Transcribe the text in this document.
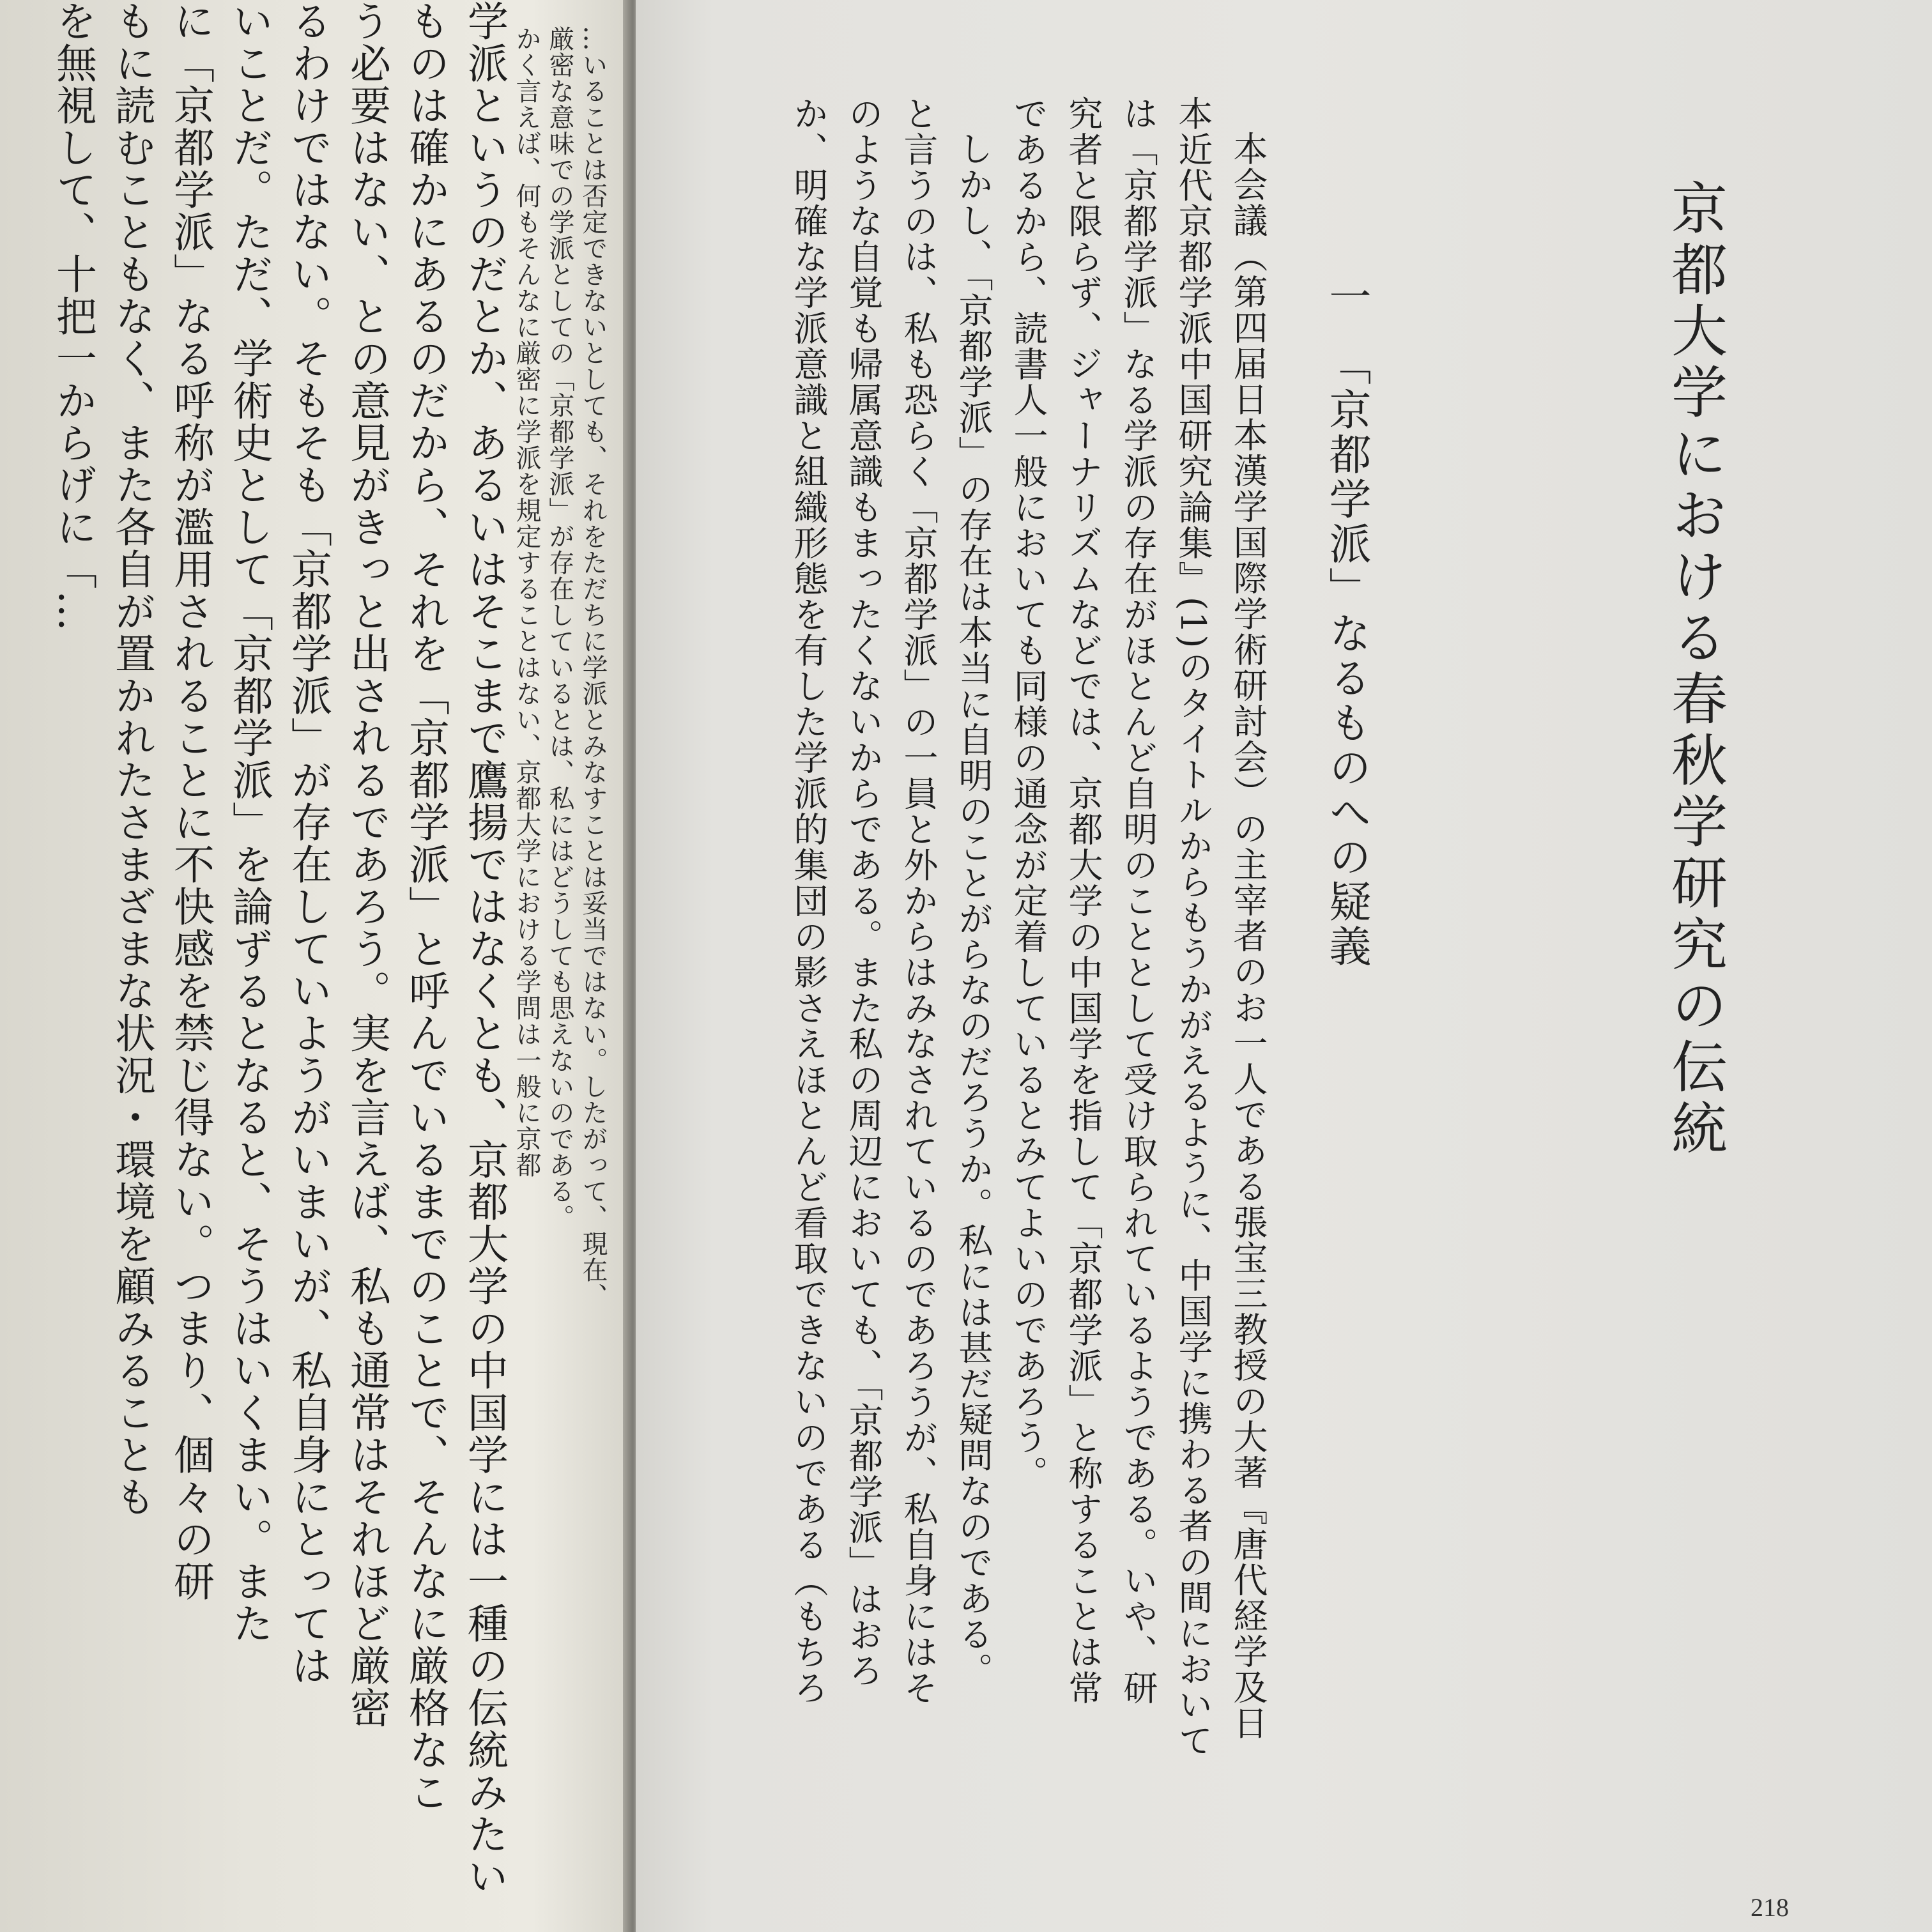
…いることは否定できないとしても、それをただちに学派とみなすことは妥当ではない。したがって、現在、
厳密な意味での学派としての「京都学派」が存在しているとは、私にはどうしても思えないのである。
かく言えば、何もそんなに厳密に学派を規定することはない、京都大学における学問は一般に京都
学派というのだとか、あるいはそこまで鷹揚ではなくとも、京都大学の中国学には一種の伝統みたい
ものは確かにあるのだから、それを「京都学派」と呼んでいるまでのことで、そんなに厳格なこ
う必要はない、との意見がきっと出されるであろう。実を言えば、私も通常はそれほど厳密
るわけではない。そもそも「京都学派」が存在していようがいまいが、私自身にとっては
いことだ。ただ、学術史として「京都学派」を論ずるとなると、そうはいくまい。また
に「京都学派」なる呼称が濫用されることに不快感を禁じ得ない。つまり、個々の研
もに読むこともなく、また各自が置かれたさまざまな状況・環境を顧みることも
を無視して、十把一からげに「…	京都大学における春秋学研究の伝統
一　「京都学派」なるものへの疑義
本会議（第四届日本漢学国際学術研討会）の主宰者のお一人である張宝三教授の大著『唐代経学及日
本近代京都学派中国研究論集』(1)のタイトルからもうかがえるように、中国学に携わる者の間において
は「京都学派」なる学派の存在がほとんど自明のこととして受け取られているようである。いや、研
究者と限らず、ジャーナリズムなどでは、京都大学の中国学を指して「京都学派」と称することは常
であるから、読書人一般においても同様の通念が定着しているとみてよいのであろう。
しかし、「京都学派」の存在は本当に自明のことがらなのだろうか。私には甚だ疑問なのである。
と言うのは、私も恐らく「京都学派」の一員と外からはみなされているのであろうが、私自身にはそ
のような自覚も帰属意識もまったくないからである。また私の周辺においても、「京都学派」はおろ
か、明確な学派意識と組織形態を有した学派的集団の影さえほとんど看取できないのである（もちろ
218
